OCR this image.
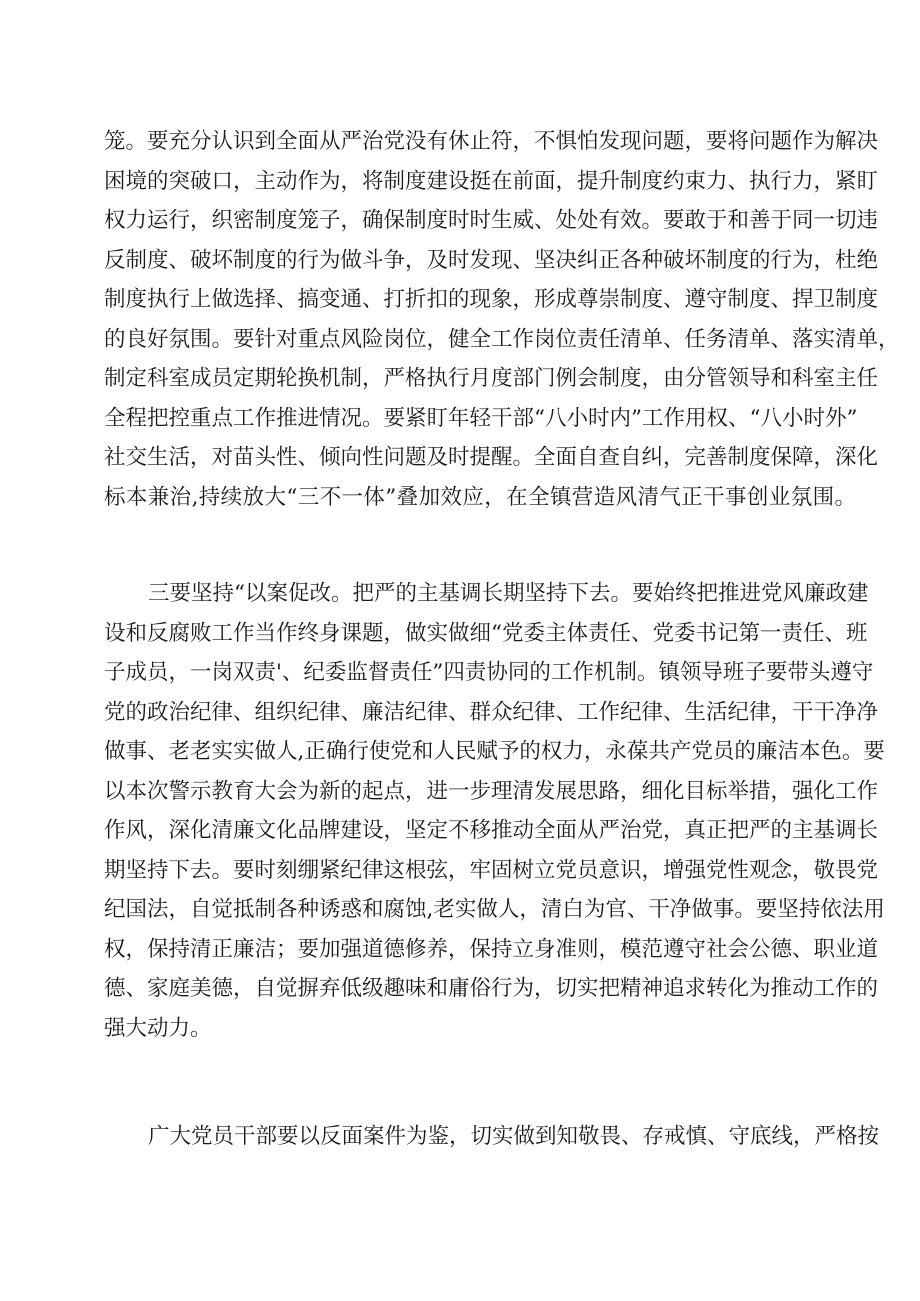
笼。要充分认识到全面从严治党没有休止符，不惧怕发现问题，要将问题作为解决
困境的突破口，主动作为，将制度建设挺在前面，提升制度约束力、执行力，紧盯
权力运行，织密制度笼子，确保制度时时生威、处处有效。要敢于和善于同一切违
反制度、破坏制度的行为做斗争，及时发现、坚决纠正各种破坏制度的行为，杜绝
制度执行上做选择、搞变通、打折扣的现象，形成尊崇制度、遵守制度、捍卫制度
的良好氛围。要针对重点风险岗位，健全工作岗位责任清单、任务清单、落实清单，
制定科室成员定期轮换机制，严格执行月度部门例会制度，由分管领导和科室主任
全程把控重点工作推进情况。要紧盯年轻干部“八小时内”工作用权、“八小时外”
社交生活，对苗头性、倾向性问题及时提醒。全面自查自纠，完善制度保障，深化
标本兼治,持续放大“三不一体”叠加效应，在全镇营造风清气正干事创业氛围。
三要坚持“以案促改。把严的主基调长期坚持下去。要始终把推进党风廉政建
设和反腐败工作当作终身课题，做实做细“党委主体责任、党委书记第一责任、班
子成员，一岗双责'、纪委监督责任”四责协同的工作机制。镇领导班子要带头遵守
党的政治纪律、组织纪律、廉洁纪律、群众纪律、工作纪律、生活纪律，干干净净
做事、老老实实做人,正确行使党和人民赋予的权力，永葆共产党员的廉洁本色。要
以本次警示教育大会为新的起点，进一步理清发展思路，细化目标举措，强化工作
作风，深化清廉文化品牌建设，坚定不移推动全面从严治党，真正把严的主基调长
期坚持下去。要时刻绷紧纪律这根弦，牢固树立党员意识，增强党性观念，敬畏党
纪国法，自觉抵制各种诱惑和腐蚀,老实做人，清白为官、干净做事。要坚持依法用
权，保持清正廉洁；要加强道德修养，保持立身准则，模范遵守社会公德、职业道
德、家庭美德，自觉摒弃低级趣味和庸俗行为，切实把精神追求转化为推动工作的
强大动力。
广大党员干部要以反面案件为鉴，切实做到知敬畏、存戒慎、守底线，严格按
